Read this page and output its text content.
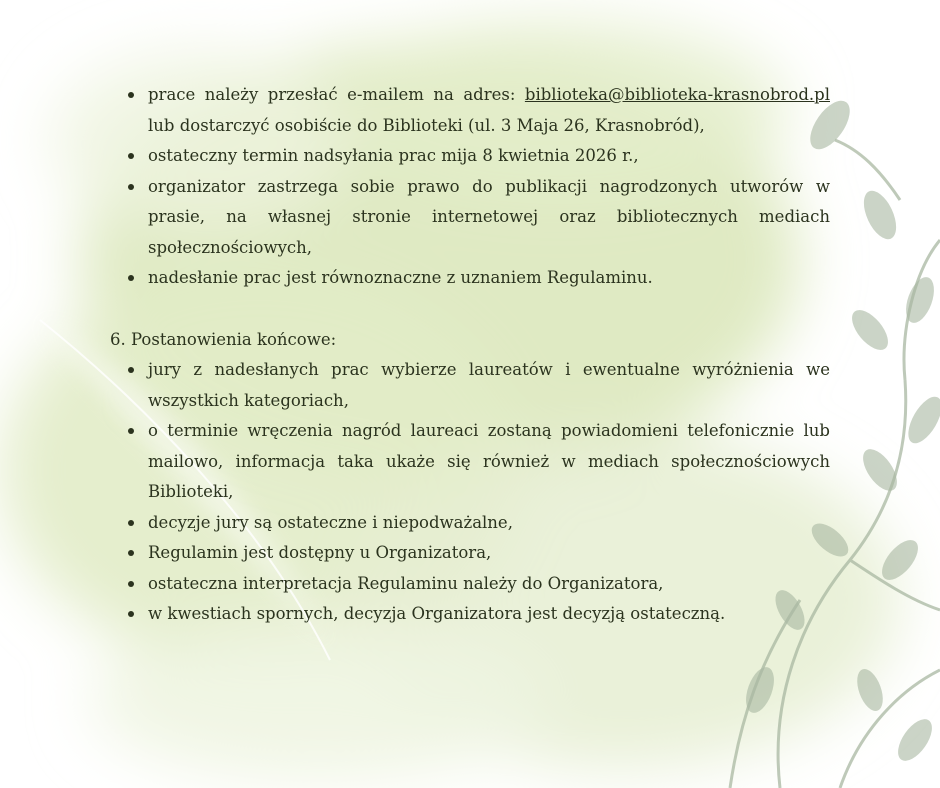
prace należy przesłać e-mailem na adres: biblioteka@biblioteka-krasnobrod.pl lub dostarczyć osobiście do Biblioteki (ul. 3 Maja 26, Krasnobród),
ostateczny termin nadsyłania prac mija 8 kwietnia 2026 r.,
organizator zastrzega sobie prawo do publikacji nagrodzonych utworów w prasie, na własnej stronie internetowej oraz bibliotecznych mediach społecznościowych,
nadesłanie prac jest równoznaczne z uznaniem Regulaminu.

6. Postanowienia końcowe:

jury z nadesłanych prac wybierze laureatów i ewentualne wyróżnienia we wszystkich kategoriach,
o terminie wręczenia nagród laureaci zostaną powiadomieni telefonicznie lub mailowo, informacja taka ukaże się również w mediach społecznościowych Biblioteki,
decyzje jury są ostateczne i niepodważalne,
Regulamin jest dostępny u Organizatora,
ostateczna interpretacja Regulaminu należy do Organizatora,
w kwestiach spornych, decyzja Organizatora jest decyzją ostateczną.
